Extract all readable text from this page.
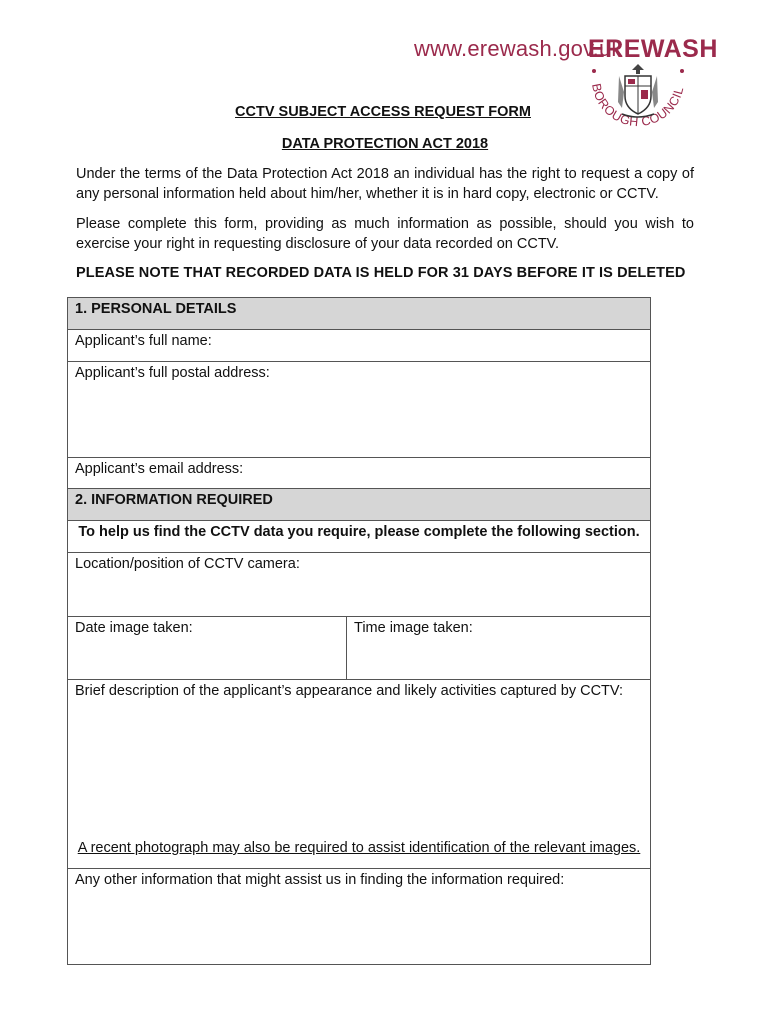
www.erewash.gov.uk
EREWASH
BOROUGH COUNCIL
CCTV SUBJECT ACCESS REQUEST FORM
DATA PROTECTION ACT 2018
Under the terms of the Data Protection Act 2018 an individual has the right to request a copy of any personal information held about him/her, whether it is in hard copy, electronic or CCTV.
Please complete this form, providing as much information as possible, should you wish to exercise your right in requesting disclosure of your data recorded on CCTV.
PLEASE NOTE THAT RECORDED DATA IS HELD FOR 31 DAYS BEFORE IT IS DELETED
1. PERSONAL DETAILS
Applicant’s full name:
Applicant’s full postal address:
Applicant’s email address:
2. INFORMATION REQUIRED
To help us find the CCTV data you require, please complete the following section.
Location/position of CCTV camera:
Date image taken:	Time image taken:
Brief description of the applicant’s appearance and likely activities captured by CCTV:
A recent photograph may also be required to assist identification of the relevant images.
Any other information that might assist us in finding the information required:
